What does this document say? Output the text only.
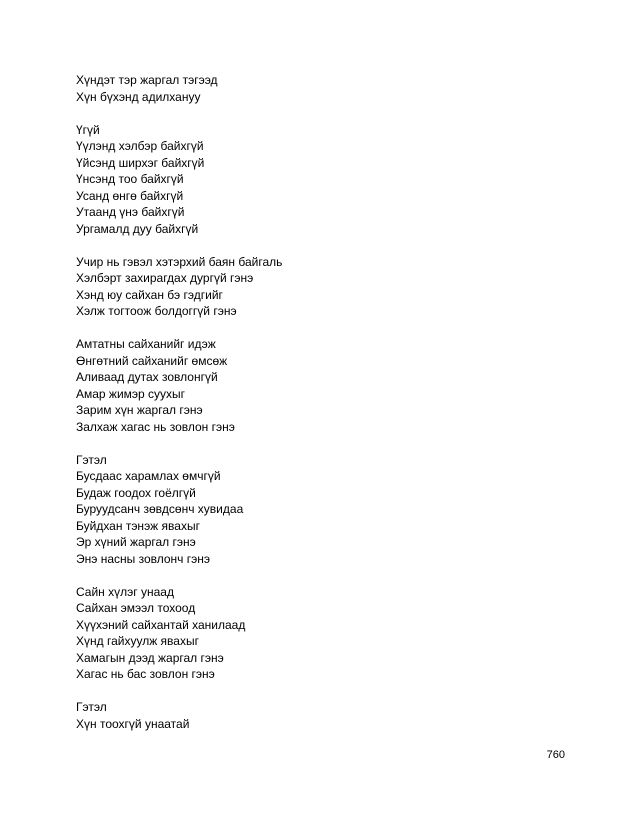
Хүндэт тэр жаргал тэгээд
Хүн бүхэнд адилхануу
Үгүй
Үүлэнд хэлбэр байхгүй
Үйсэнд ширхэг байхгүй
Үнсэнд тоо байхгүй
Усанд өнгө байхгүй
Утаанд үнэ байхгүй
Ургамалд дуу байхгүй
Учир нь гэвэл хэтэрхий баян байгаль
Хэлбэрт захирагдах дургүй гэнэ
Хэнд юу сайхан бэ гэдгийг
Хэлж тогтоож болдоггүй гэнэ
Амтатны сайханийг идэж
Өнгөтний сайханийг өмсөж
Аливаад дутах зовлонгүй
Амар жимэр суухыг
Зарим хүн жаргал гэнэ
Залхаж хагас нь зовлон гэнэ
Гэтэл
Бусдаас харамлах өмчгүй
Будаж гоодох гоёлгүй
Буруудсанч зөвдсөнч хувидаа
Буйдхан тэнэж явахыг
Эр хүний жаргал гэнэ
Энэ насны зовлонч гэнэ
Сайн хүлэг унаад
Сайхан эмээл тохоод
Хүүхэний сайхантай ханилаад
Хүнд гайхуулж явахыг
Хамагын дээд жаргал гэнэ
Хагас нь бас зовлон гэнэ
Гэтэл
Хүн тоохгүй унаатай
760
